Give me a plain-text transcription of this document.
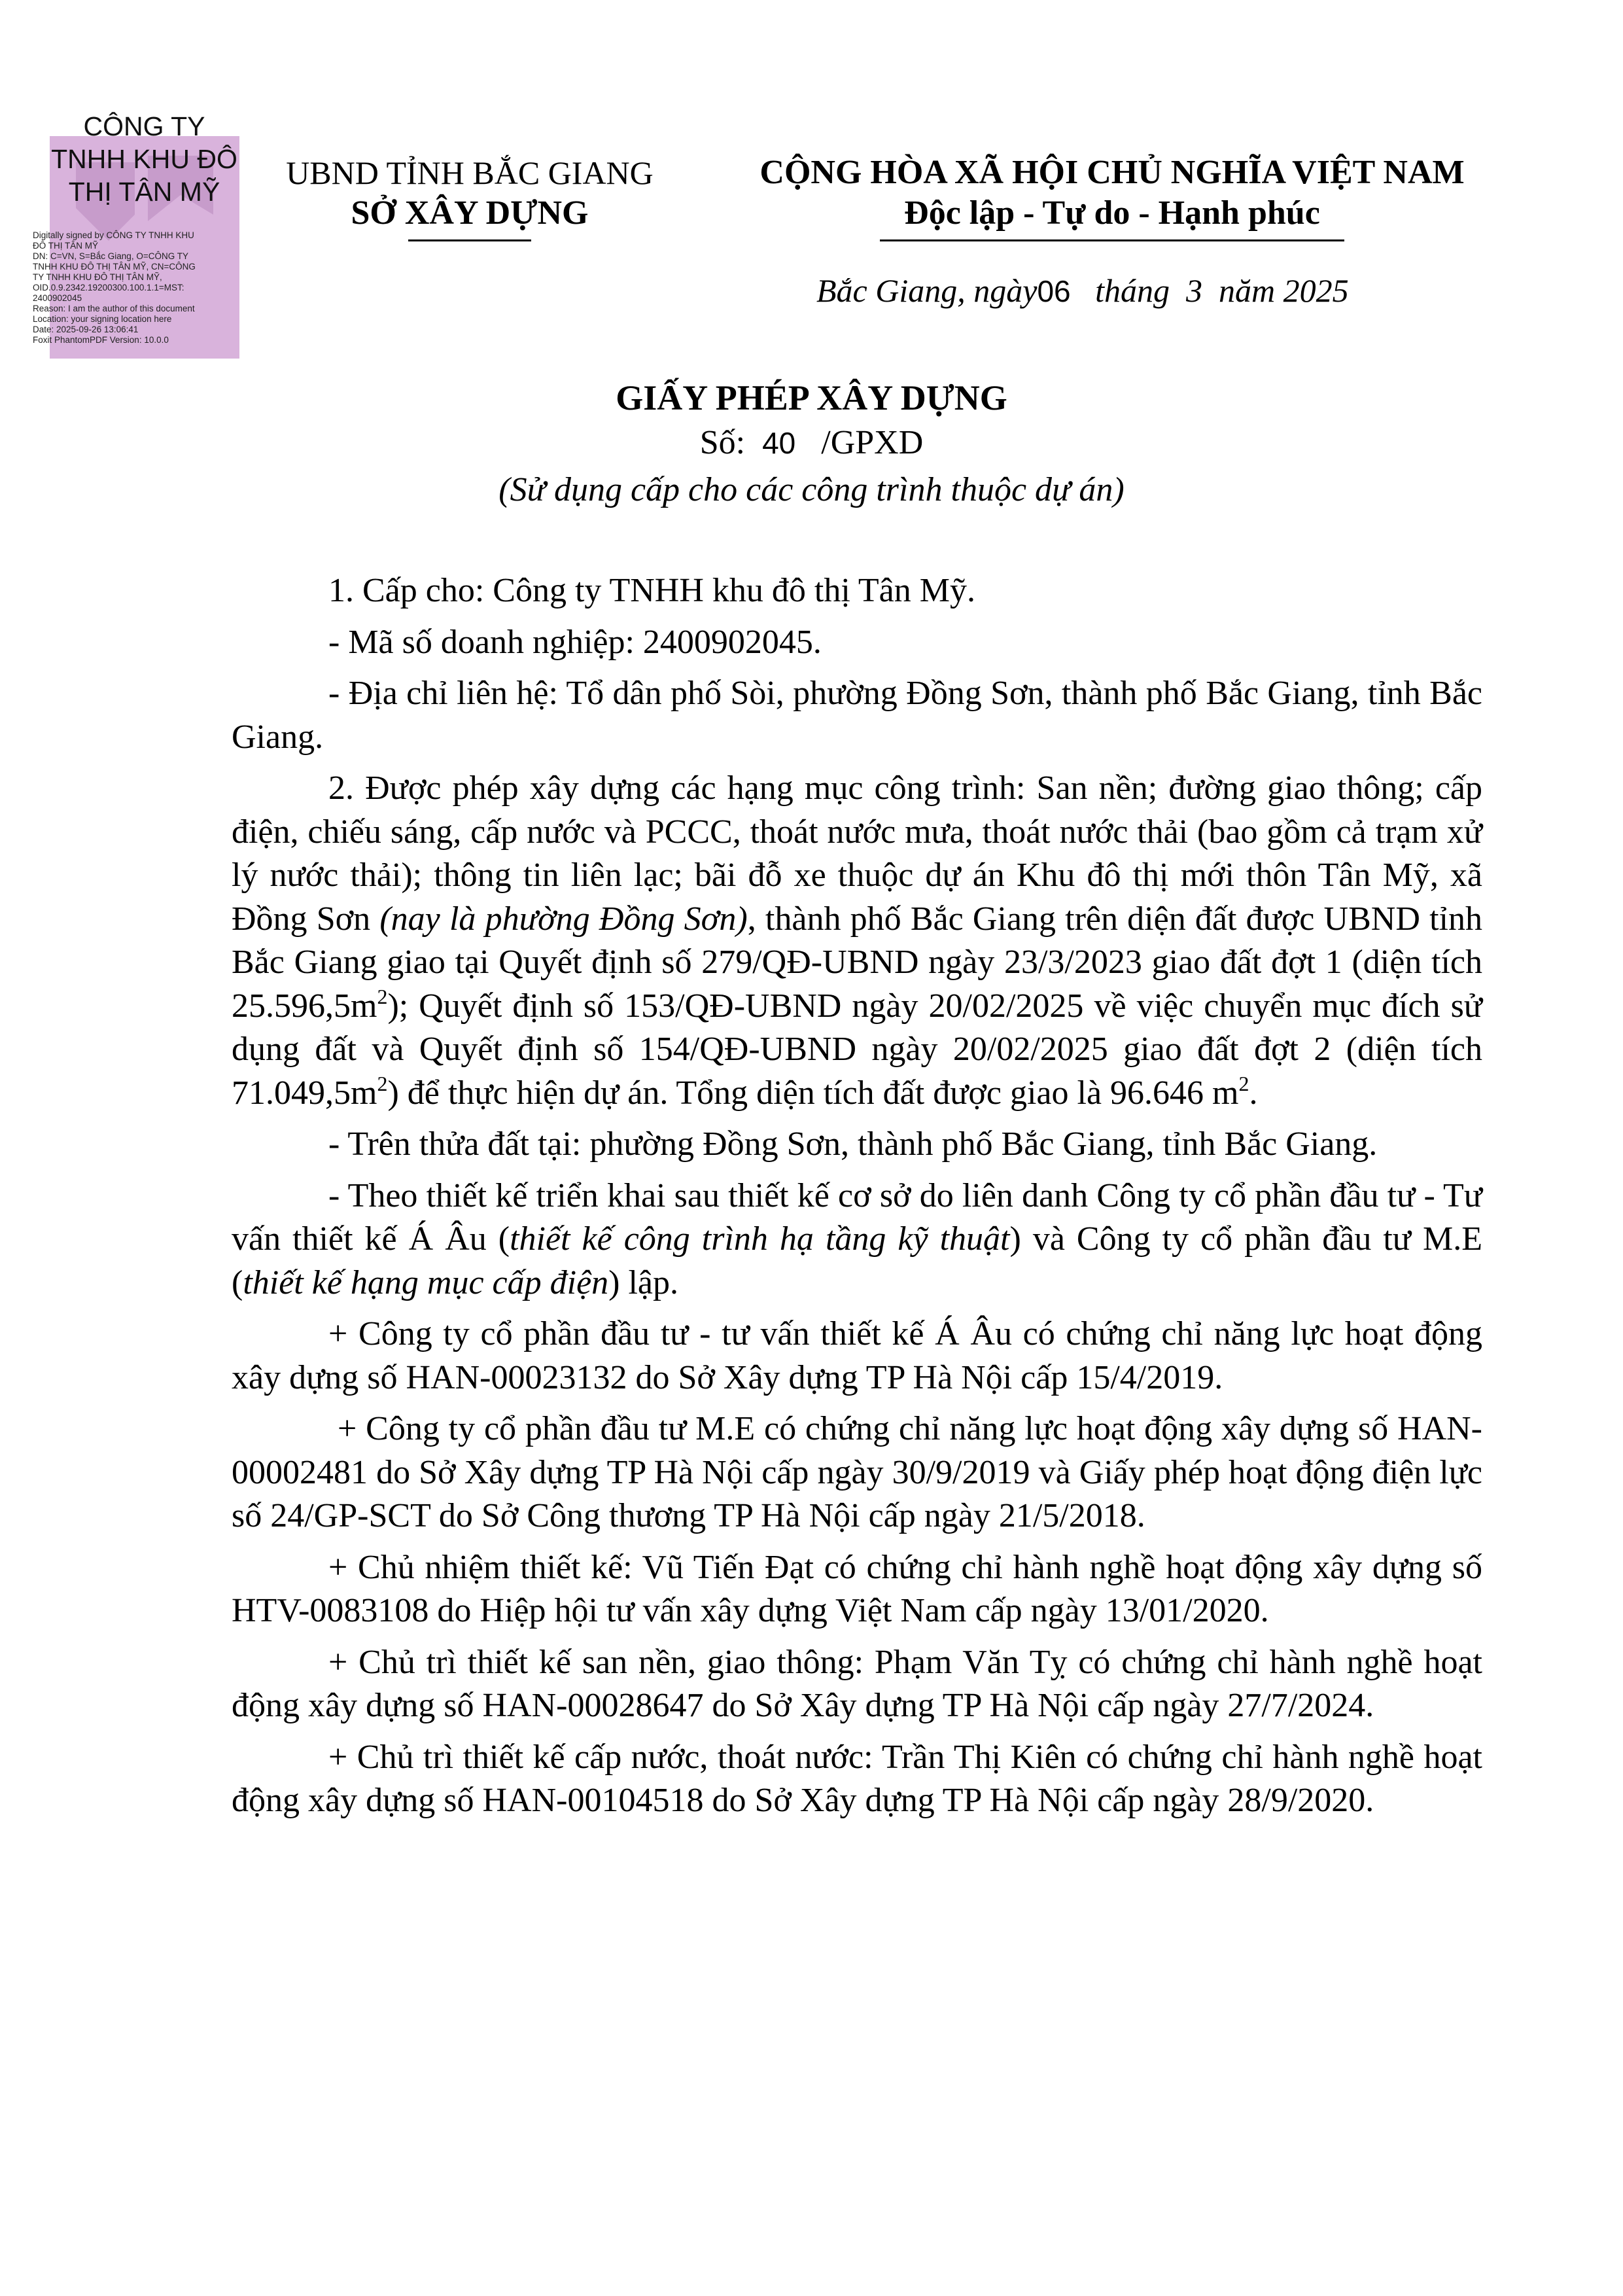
CÔNG TY
TNHH KHU ĐÔ
THỊ TÂN MỸ
Digitally signed by CÔNG TY TNHH KHU
ĐÔ THỊ TÂN MỸ
DN: C=VN, S=Bắc Giang, O=CÔNG TY
TNHH KHU ĐÔ THỊ TÂN MỸ, CN=CÔNG
TY TNHH KHU ĐÔ THỊ TÂN MỸ,
OID.0.9.2342.19200300.100.1.1=MST:
2400902045
Reason: I am the author of this document
Location: your signing location here
Date: 2025-09-26 13:06:41
Foxit PhantomPDF Version: 10.0.0
UBND TỈNH BẮC GIANG
SỞ XÂY DỰNG
CỘNG HÒA XÃ HỘI CHỦ NGHĨA VIỆT NAM
Độc lập - Tự do - Hạnh phúc
Bắc Giang, ngày06 tháng 3 năm 2025
GIẤY PHÉP XÂY DỰNG
Số: 40 /GPXD
(Sử dụng cấp cho các công trình thuộc dự án)

1. Cấp cho: Công ty TNHH khu đô thị Tân Mỹ.

- Mã số doanh nghiệp: 2400902045.

- Địa chỉ liên hệ: Tổ dân phố Sòi, phường Đồng Sơn, thành phố Bắc Giang, tỉnh Bắc Giang.

2. Được phép xây dựng các hạng mục công trình: San nền; đường giao thông; cấp điện, chiếu sáng, cấp nước và PCCC, thoát nước mưa, thoát nước thải (bao gồm cả trạm xử lý nước thải); thông tin liên lạc; bãi đỗ xe thuộc dự án Khu đô thị mới thôn Tân Mỹ, xã Đồng Sơn (nay là phường Đồng Sơn), thành phố Bắc Giang trên diện đất được UBND tỉnh Bắc Giang giao tại Quyết định số 279/QĐ-UBND ngày 23/3/2023 giao đất đợt 1 (diện tích $25.596,5m^2$); Quyết định số 153/QĐ-UBND ngày 20/02/2025 về việc chuyển mục đích sử dụng đất và Quyết định số 154/QĐ-UBND ngày 20/02/2025 giao đất đợt 2 (diện tích $71.049,5m^2$) để thực hiện dự án. Tổng diện tích đất được giao là 96.646 $m^2$.

- Trên thửa đất tại: phường Đồng Sơn, thành phố Bắc Giang, tỉnh Bắc Giang.

- Theo thiết kế triển khai sau thiết kế cơ sở do liên danh Công ty cổ phần đầu tư - Tư vấn thiết kế Á Âu (thiết kế công trình hạ tầng kỹ thuật) và Công ty cổ phần đầu tư M.E (thiết kế hạng mục cấp điện) lập.

+ Công ty cổ phần đầu tư - tư vấn thiết kế Á Âu có chứng chỉ năng lực hoạt động xây dựng số HAN-00023132 do Sở Xây dựng TP Hà Nội cấp 15/4/2019.

+ Công ty cổ phần đầu tư M.E có chứng chỉ năng lực hoạt động xây dựng số HAN-00002481 do Sở Xây dựng TP Hà Nội cấp ngày 30/9/2019 và Giấy phép hoạt động điện lực số 24/GP-SCT do Sở Công thương TP Hà Nội cấp ngày 21/5/2018.

+ Chủ nhiệm thiết kế: Vũ Tiến Đạt có chứng chỉ hành nghề hoạt động xây dựng số HTV-0083108 do Hiệp hội tư vấn xây dựng Việt Nam cấp ngày 13/01/2020.

+ Chủ trì thiết kế san nền, giao thông: Phạm Văn Tỵ có chứng chỉ hành nghề hoạt động xây dựng số HAN-00028647 do Sở Xây dựng TP Hà Nội cấp ngày 27/7/2024.

+ Chủ trì thiết kế cấp nước, thoát nước: Trần Thị Kiên có chứng chỉ hành nghề hoạt động xây dựng số HAN-00104518 do Sở Xây dựng TP Hà Nội cấp ngày 28/9/2020.
